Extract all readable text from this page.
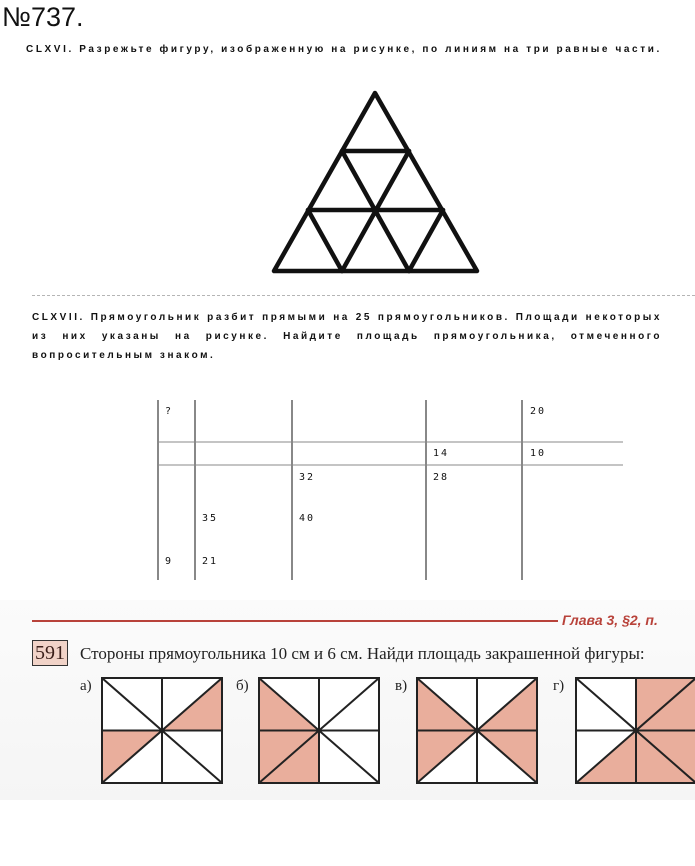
№737.
CLXVI. Разрежьте фигуру, изображенную на рисунке, по линиям на три равные части.
CLXVII. Прямоугольник разбит прямыми на 25 прямоугольников. Площади некоторых из них указаны на рисунке. Найдите площадь прямоугольника, отмеченного вопросительным знаком.
?	20
14	10
32	28
35	40
9	21
Глава 3, §2, п.
591 Стороны прямоугольника 10 см и 6 см. Найди площадь закрашенной фигуры:
а)	б)	в)	г)
